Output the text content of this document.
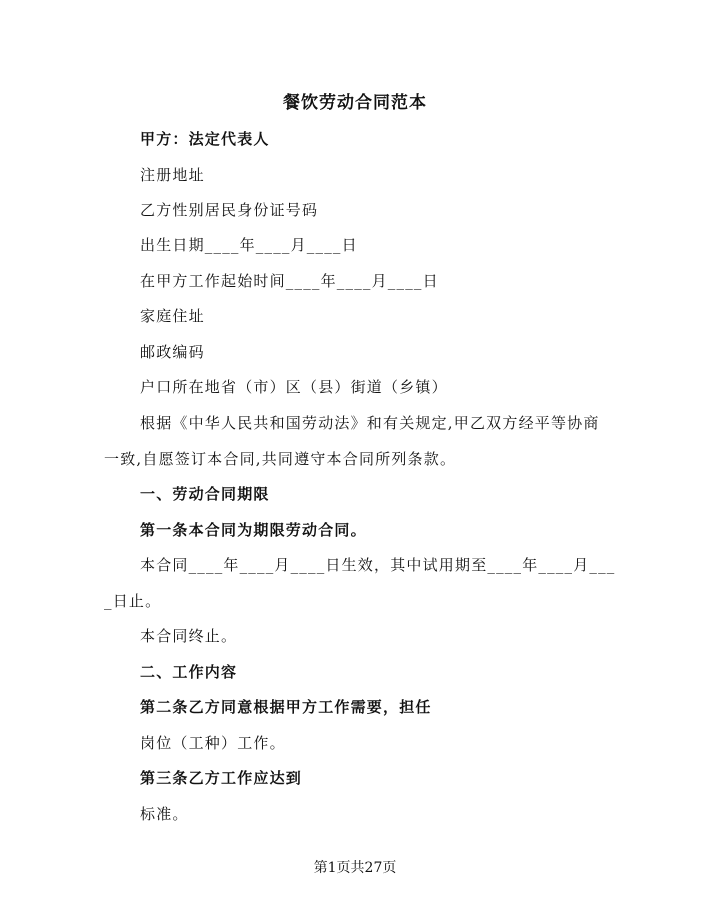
餐饮劳动合同范本
甲方：法定代表人
注册地址
乙方性别居民身份证号码
出生日期____年____月____日
在甲方工作起始时间____年____月____日
家庭住址
邮政编码
户口所在地省（市）区（县）街道（乡镇）
根据《中华人民共和国劳动法》和有关规定,甲乙双方经平等协商
一致,自愿签订本合同,共同遵守本合同所列条款。
一、劳动合同期限
第一条本合同为期限劳动合同。
本合同____年____月____日生效，其中试用期至____年____月___
_日止。
本合同终止。
二、工作内容
第二条乙方同意根据甲方工作需要，担任
岗位（工种）工作。
第三条乙方工作应达到
标准。
第1页共27页
